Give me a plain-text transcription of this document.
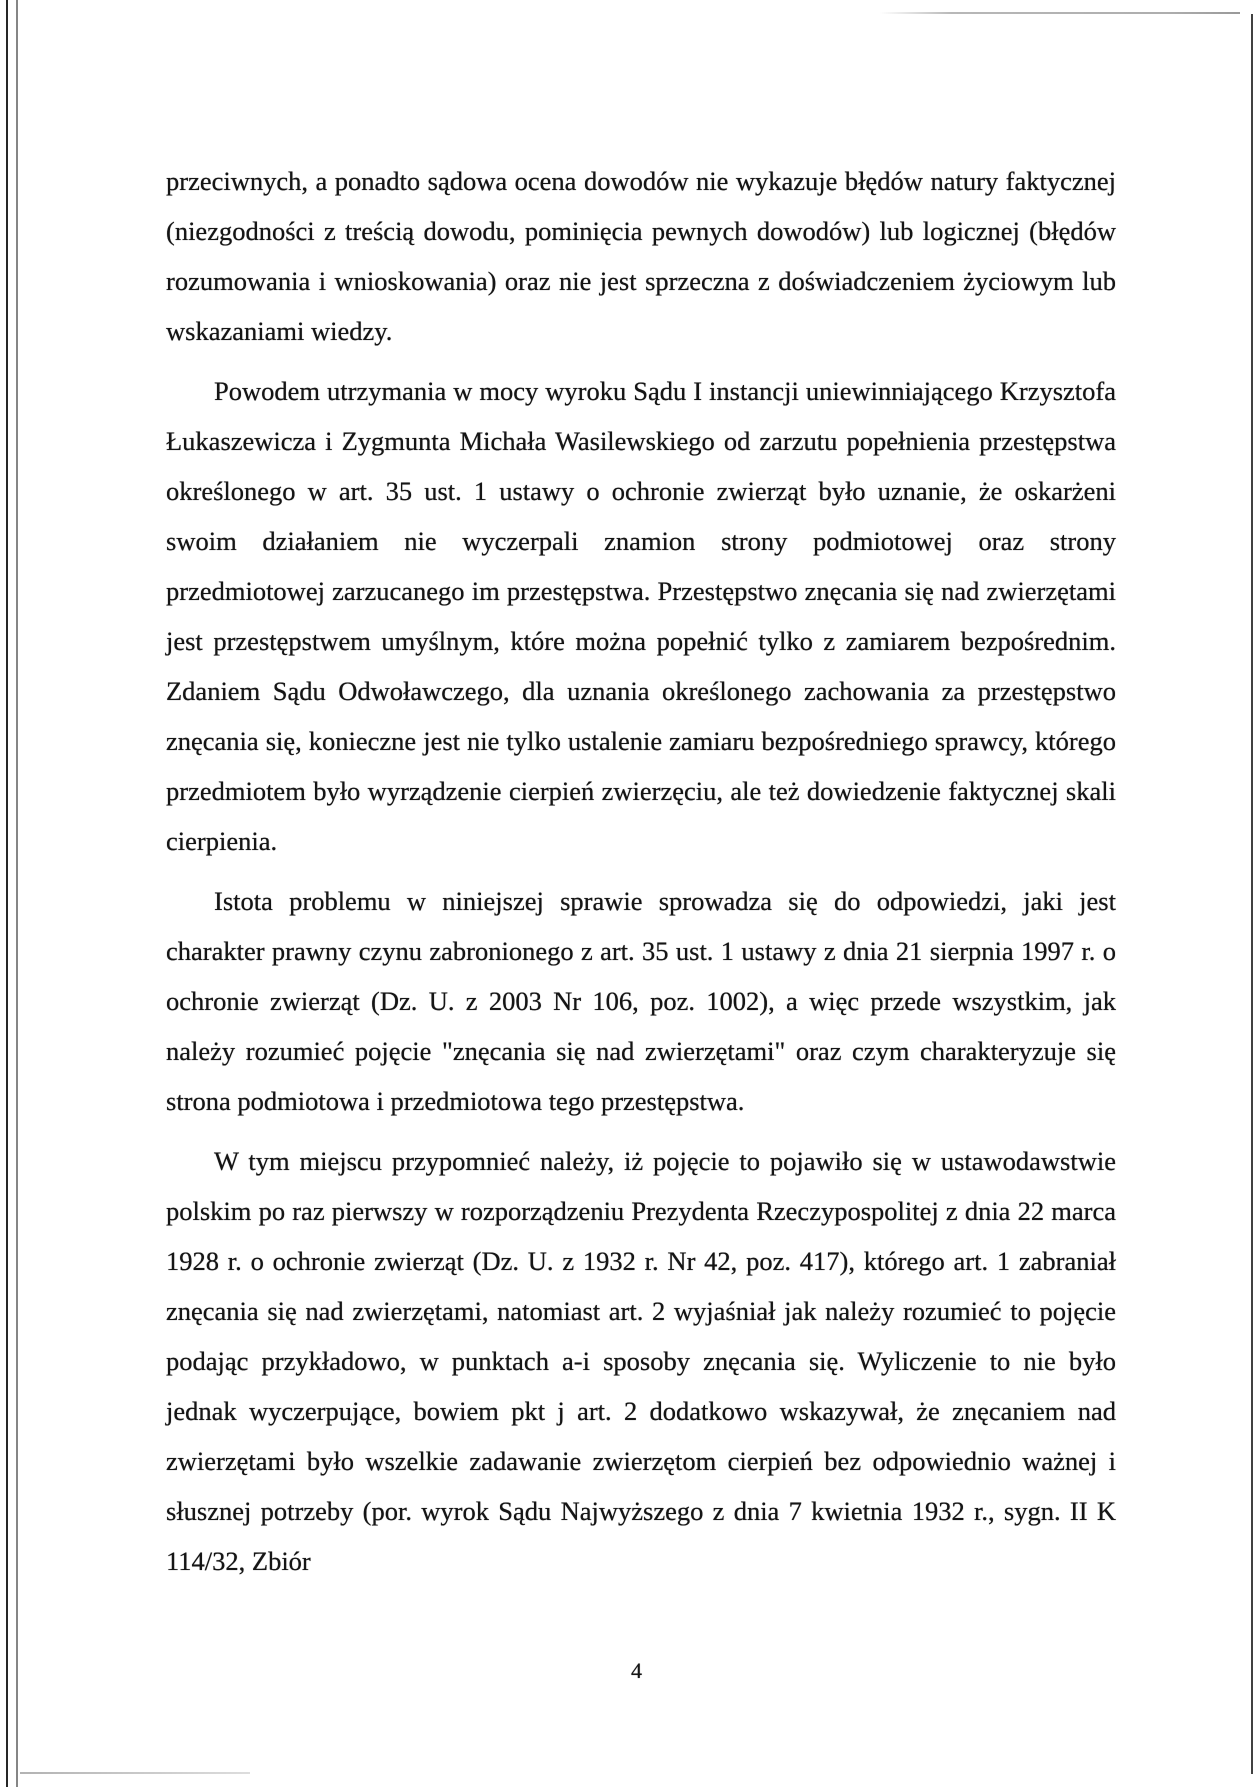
przeciwnych, a ponadto sądowa ocena dowodów nie wykazuje błędów natury faktycznej (niezgodności z treścią dowodu, pominięcia pewnych dowodów) lub logicznej (błędów rozumowania i wnioskowania) oraz nie jest sprzeczna z doświadczeniem życiowym lub wskazaniami wiedzy.

Powodem utrzymania w mocy wyroku Sądu I instancji uniewinniającego Krzysztofa Łukaszewicza i Zygmunta Michała Wasilewskiego od zarzutu popełnienia przestępstwa określonego w art. 35 ust. 1 ustawy o ochronie zwierząt było uznanie, że oskarżeni swoim działaniem nie wyczerpali znamion strony podmiotowej oraz strony przedmiotowej zarzucanego im przestępstwa. Przestępstwo znęcania się nad zwierzętami jest przestępstwem umyślnym, które można popełnić tylko z zamiarem bezpośrednim. Zdaniem Sądu Odwoławczego, dla uznania określonego zachowania za przestępstwo znęcania się, konieczne jest nie tylko ustalenie zamiaru bezpośredniego sprawcy, którego przedmiotem było wyrządzenie cierpień zwierzęciu, ale też dowiedzenie faktycznej skali cierpienia.

Istota problemu w niniejszej sprawie sprowadza się do odpowiedzi, jaki jest charakter prawny czynu zabronionego z art. 35 ust. 1 ustawy z dnia 21 sierpnia 1997 r. o ochronie zwierząt (Dz. U. z 2003 Nr 106, poz. 1002), a więc przede wszystkim, jak należy rozumieć pojęcie "znęcania się nad zwierzętami" oraz czym charakteryzuje się strona podmiotowa i przedmiotowa tego przestępstwa.

W tym miejscu przypomnieć należy, iż pojęcie to pojawiło się w ustawodawstwie polskim po raz pierwszy w rozporządzeniu Prezydenta Rzeczypospolitej z dnia 22 marca 1928 r. o ochronie zwierząt (Dz. U. z 1932 r. Nr 42, poz. 417), którego art. 1 zabraniał znęcania się nad zwierzętami, natomiast art. 2 wyjaśniał jak należy rozumieć to pojęcie podając przykładowo, w punktach a-i sposoby znęcania się. Wyliczenie to nie było jednak wyczerpujące, bowiem pkt j art. 2 dodatkowo wskazywał, że znęcaniem nad zwierzętami było wszelkie zadawanie zwierzętom cierpień bez odpowiednio ważnej i słusznej potrzeby (por. wyrok Sądu Najwyższego z dnia 7 kwietnia 1932 r., sygn. II K 114/32, Zbiór

4
